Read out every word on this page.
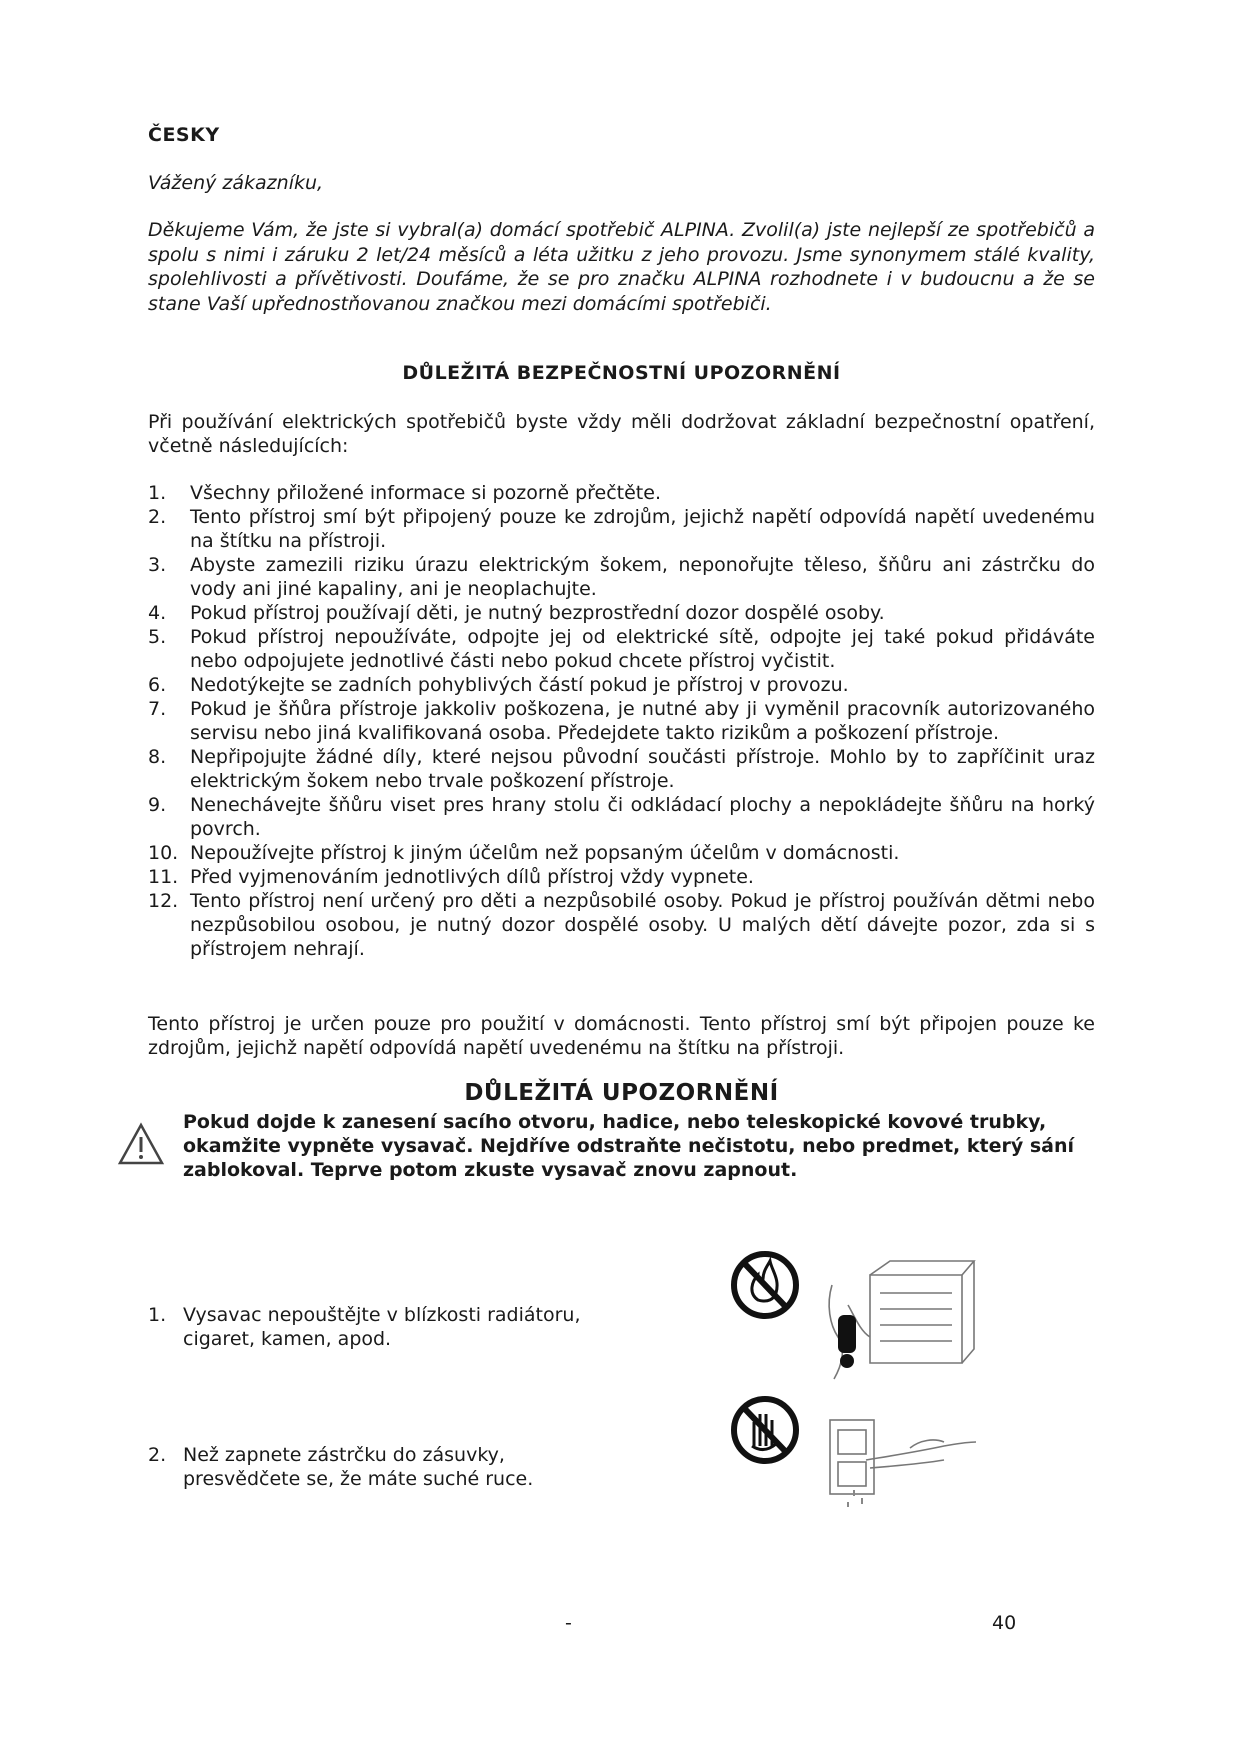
ČESKY
Vážený zákazníku,

Děkujeme Vám, že jste si vybral(a) domácí spotřebič ALPINA. Zvolil(a) jste nejlepší ze spotřebičů a spolu s nimi i záruku 2 let/24 měsíců a léta užitku z jeho provozu. Jsme synonymem stálé kvality, spolehlivosti a přívětivosti. Doufáme, že se pro značku ALPINA rozhodnete i v budoucnu a že se stane Vaší upřednostňovanou značkou mezi domácími spotřebiči.

DŮLEŽITÁ BEZPEČNOSTNÍ UPOZORNĚNÍ

Při používání elektrických spotřebičů byste vždy měli dodržovat základní bezpečnostní opatření, včetně následujících:

1. Všechny přiložené informace si pozorně přečtěte.
2. Tento přístroj smí být připojený pouze ke zdrojům, jejichž napětí odpovídá napětí uvedenému na štítku na přístroji.
3. Abyste zamezili riziku úrazu elektrickým šokem, neponořujte těleso, šňůru ani zástrčku do vody ani jiné kapaliny, ani je neoplachujte.
4. Pokud přístroj používají děti, je nutný bezprostřední dozor dospělé osoby.
5. Pokud přístroj nepoužíváte, odpojte jej od elektrické sítě, odpojte jej také pokud přidáváte nebo odpojujete jednotlivé části nebo pokud chcete přístroj vyčistit.
6. Nedotýkejte se zadních pohyblivých částí pokud je přístroj v provozu.
7. Pokud je šňůra přístroje jakkoliv poškozena, je nutné aby ji vyměnil pracovník autorizovaného servisu nebo jiná kvalifikovaná osoba. Předejdete takto rizikům a poškození přístroje.
8. Nepřipojujte žádné díly, které nejsou původní součásti přístroje. Mohlo by to zapříčinit uraz elektrickým šokem nebo trvale poškození přístroje.
9. Nenechávejte šňůru viset pres hrany stolu či odkládací plochy a nepokládejte šňůru na horký povrch.
10. Nepoužívejte přístroj k jiným účelům než popsaným účelům v domácnosti.
11. Před vyjmenováním jednotlivých dílů přístroj vždy vypnete.
12. Tento přístroj není určený pro děti a nezpůsobilé osoby. Pokud je přístroj používán dětmi nebo nezpůsobilou osobou, je nutný dozor dospělé osoby. U malých dětí dávejte pozor, zda si s přístrojem nehrají.

Tento přístroj je určen pouze pro použití v domácnosti. Tento přístroj smí být připojen pouze ke zdrojům, jejichž napětí odpovídá napětí uvedenému na štítku na přístroji.

DŮLEŽITÁ UPOZORNĚNÍ

Pokud dojde k zanesení sacího otvoru, hadice, nebo teleskopické kovové trubky, okamžite vypněte vysavač. Nejdříve odstraňte nečistotu, nebo predmet, který sání zablokoval. Teprve potom zkuste vysavač znovu zapnout.

1. Vysavac nepouštějte v blízkosti radiátoru, cigaret, kamen, apod.
2. Než zapnete zástrčku do zásuvky, presvědčete se, že máte suché ruce.
-	40
